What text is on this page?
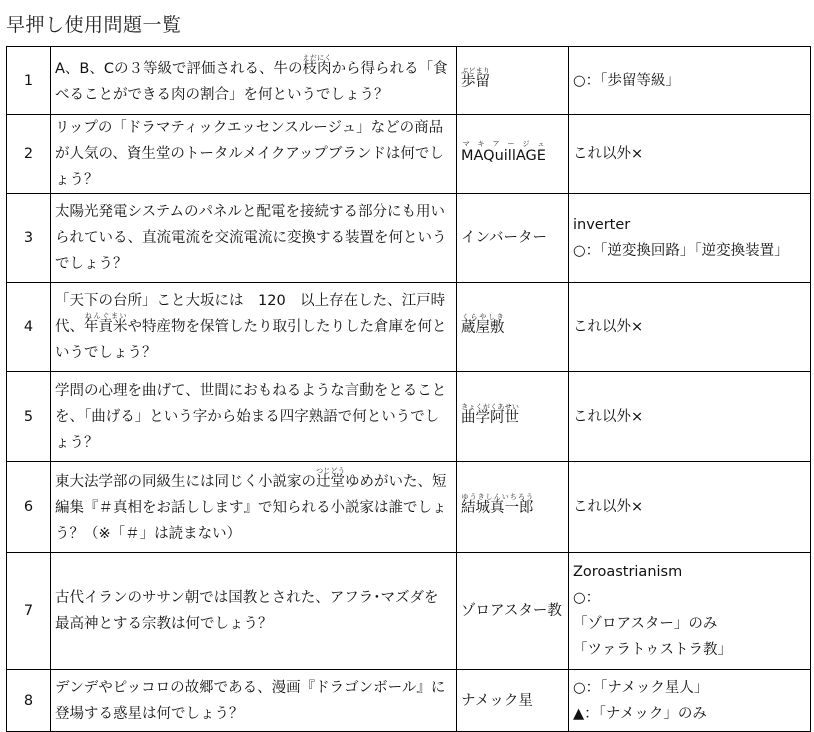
早押し使用問題一覧
1	A、B、Cの３等級で評価される、牛の枝肉えだにくから得られる「食べることができる肉の割合」を何というでしょう？	歩留ぶどまり	○：「歩留等級」

2	リップの「ドラマティックエッセンスルージュ」などの商品が人気の、資生堂のトータルメイクアップブランドは何でしょう？	MAQuillAGEマ キ ア ー ジ ュ	これ以外×

3	太陽光発電システムのパネルと配電を接続する部分にも用いられている、直流電流を交流電流に変換する装置を何というでしょう？	インバーター	inverter
○：「逆変換回路」「逆変換装置」

4	「天下の台所」こと大坂には　120　以上存在した、江戸時代、年貢米ねんぐまいや特産物を保管したり取引したりした倉庫を何というでしょう？	蔵屋敷くらやしき	これ以外×

5	学問の心理を曲げて、世間におもねるような言動をとることを、「曲げる」という字から始まる四字熟語で何というでしょう？	曲学阿世きょくがくあせい	これ以外×

6	東大法学部の同級生には同じく小説家の辻堂つじどうゆめがいた、短編集『＃真相をお話しします』で知られる小説家は誰でしょう？（※「＃」は読まない）	結城真一郎ゆうきしんいちろう	これ以外×

7	古代イランのササン朝では国教とされた、アフラ･マズダを最高神とする宗教は何でしょう？	ゾロアスター教	Zoroastrianism
○：
「ゾロアスター」のみ
「ツァラトゥストラ教」

8	デンデやピッコロの故郷である、漫画『ドラゴンボール』に登場する惑星は何でしょう？	ナメック星	○：「ナメック星人」
▲：「ナメック」のみ
